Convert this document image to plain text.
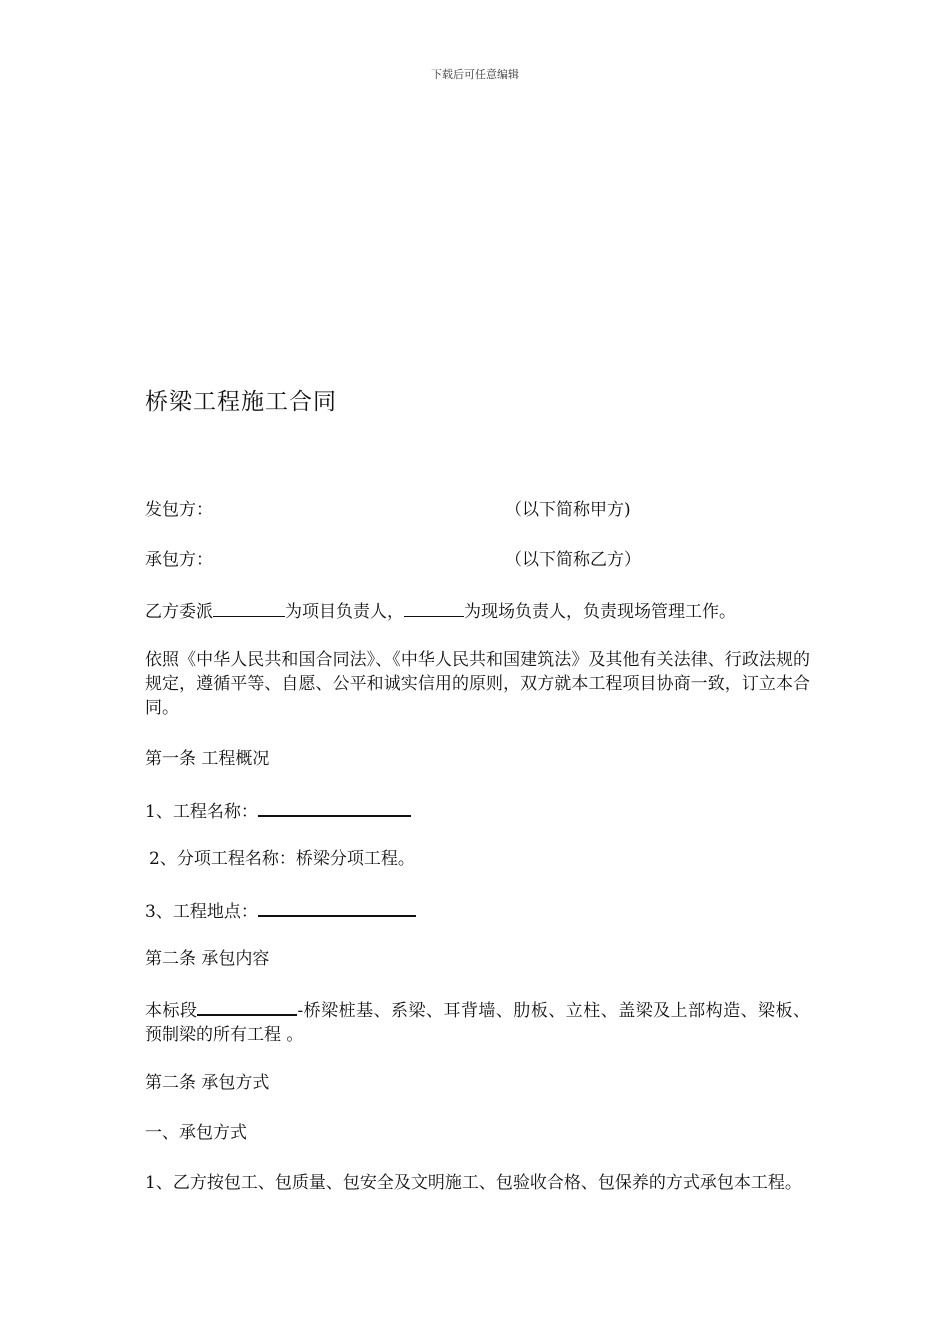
下载后可任意编辑
桥梁工程施工合同
发包方：	（以下简称甲方)
承包方：	（以下简称乙方）
乙方委派	为项目负责人，	为现场负责人，负责现场管理工作。
依照《中华人民共和国合同法》、《中华人民共和国建筑法》及其他有关法律、行政法规的规定，遵循平等、自愿、公平和诚实信用的原则，双方就本工程项目协商一致，订立本合同。
第一条 工程概况
1、工程名称：
2、分项工程名称：桥梁分项工程。
3、工程地点：
第二条 承包内容
本标段	-桥梁桩基、系梁、耳背墙、肋板、立柱、盖梁及上部构造、梁板、预制梁的所有工程 。
第二条 承包方式
一、承包方式
1、乙方按包工、包质量、包安全及文明施工、包验收合格、包保养的方式承包本工程。
